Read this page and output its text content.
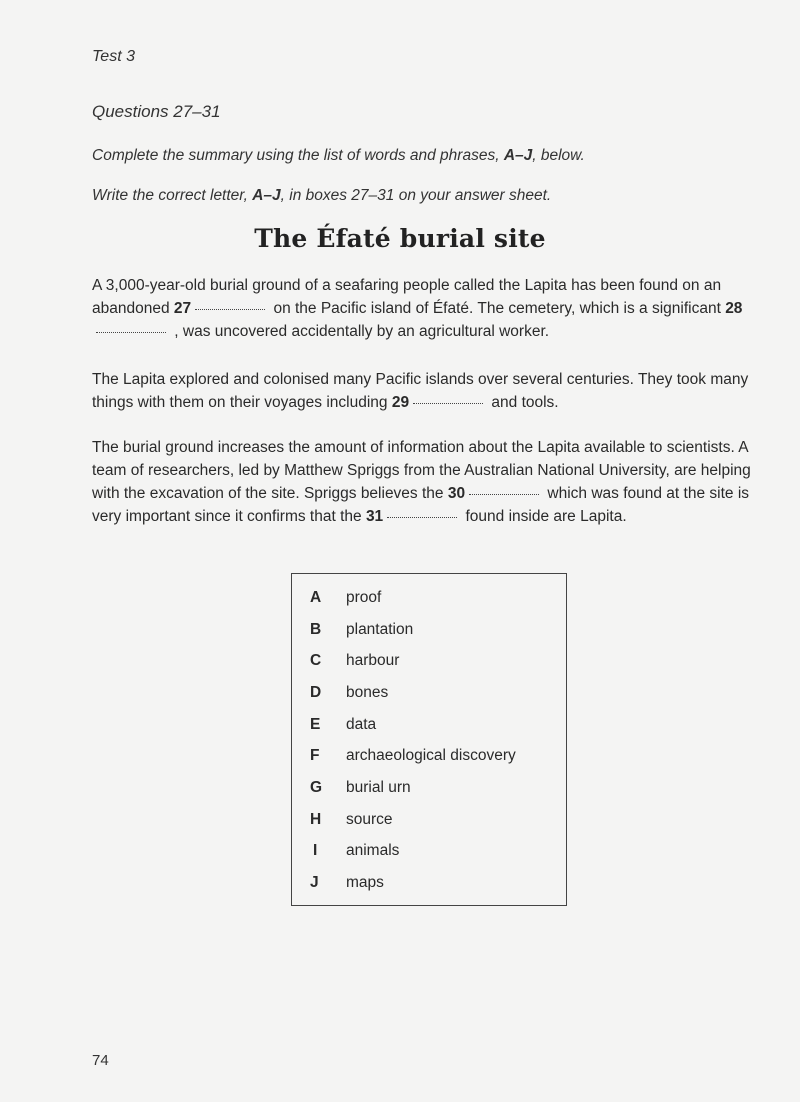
Test 3
Questions 27–31
Complete the summary using the list of words and phrases, A–J, below.
Write the correct letter, A–J, in boxes 27–31 on your answer sheet.
The Éfaté burial site

A 3,000-year-old burial ground of a seafaring people called the Lapita has been found on an abandoned 27	on the Pacific island of Éfaté. The cemetery, which is a significant 28 , was uncovered accidentally by an agricultural worker.

The Lapita explored and colonised many Pacific islands over several centuries. They took many things with them on their voyages including 29	and tools.

The burial ground increases the amount of information about the Lapita available to scientists. A team of researchers, led by Matthew Spriggs from the Australian National University, are helping with the excavation of the site. Spriggs believes the 30	which was found at the site is very important since it confirms that the 31	found inside are Lapita.

A proof
B plantation
C harbour
D bones
E data
F archaeological discovery
G burial urn
H source
I animals
J maps
74
